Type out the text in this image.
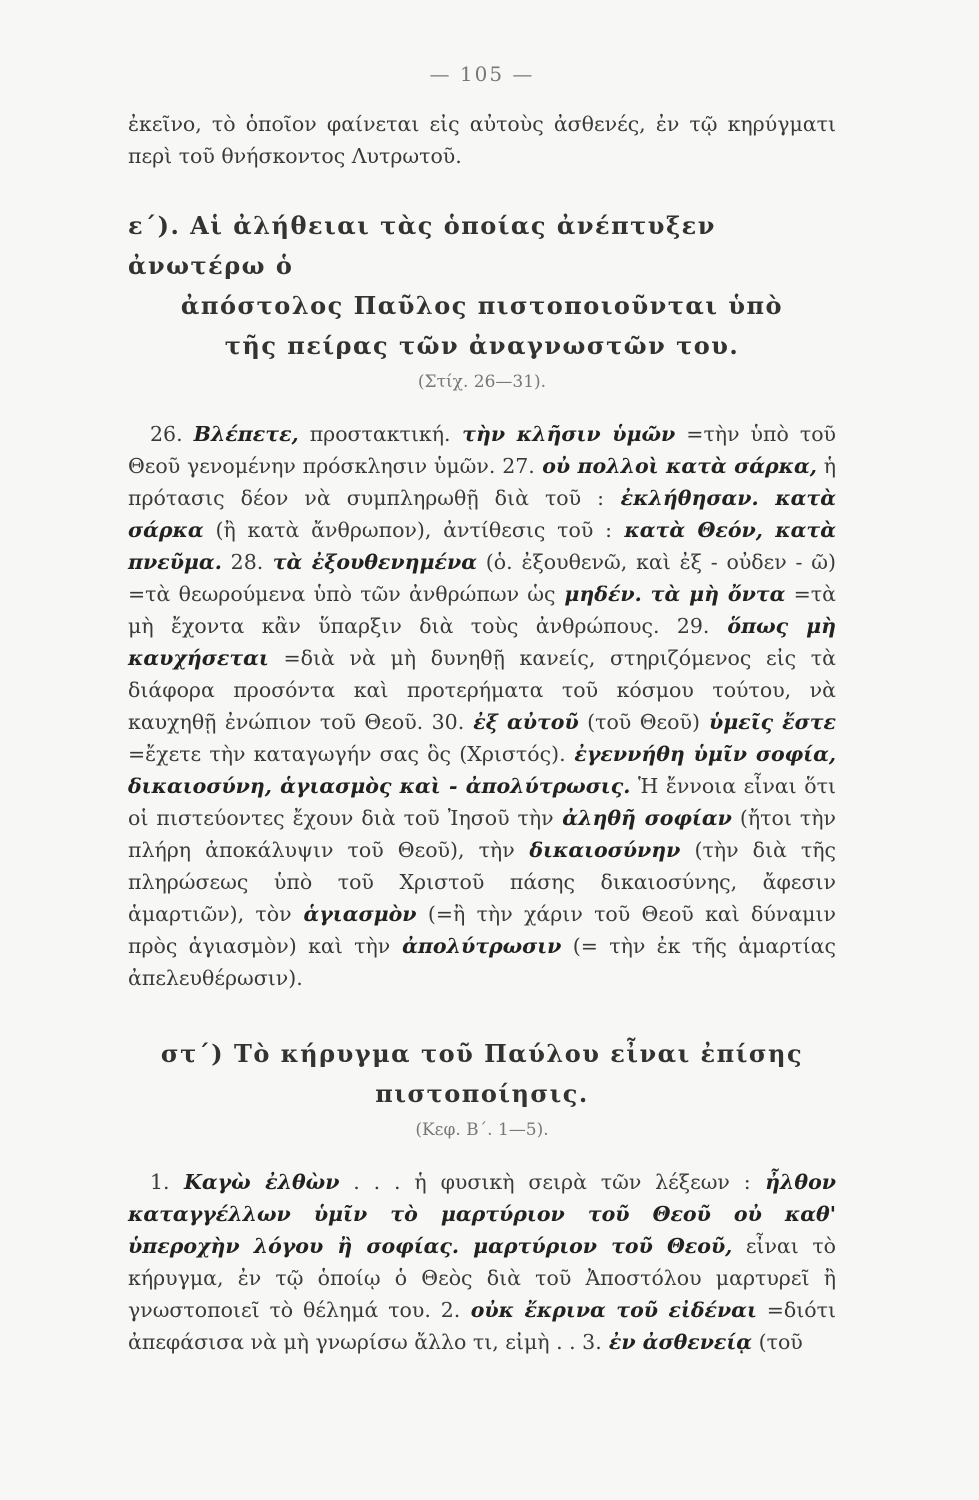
— 105 —

ἐκεῖνο, τὸ ὁποῖον φαίνεται εἰς αὐτοὺς ἀσθενές, ἐν τῷ κηρύγματι περὶ τοῦ θνήσκοντος Λυτρωτοῦ.

ε΄). Αἱ ἀλήθειαι τὰς ὁποίας ἀνέπτυξεν ἀνωτέρω ὁ
ἀπόστολος Παῦλος πιστοποιοῦνται ὑπὸ
τῆς πείρας τῶν ἀναγνωστῶν του.
(Στίχ. 26—31).

26. Βλέπετε, προστακτική. τὴν κλῆσιν ὑμῶν =τὴν ὑπὸ τοῦ Θεοῦ γενομένην πρόσκλησιν ὑμῶν. 27. οὐ πολλοὶ κατὰ σάρκα, ἡ πρότασις δέον νὰ συμπληρωθῇ διὰ τοῦ : ἐκλήθησαν. κατὰ σάρκα (ἢ κατὰ ἄνθρωπον), ἀντίθεσις τοῦ : κατὰ Θεόν, κατὰ πνεῦμα. 28. τὰ ἐξουθενημένα (ὁ. ἐξουθενῶ, καὶ ἐξ - οὐδεν - ῶ) =τὰ θεωρούμενα ὑπὸ τῶν ἀνθρώπων ὡς μηδέν. τὰ μὴ ὄντα =τὰ μὴ ἔχοντα κἂν ὕπαρξιν διὰ τοὺς ἀνθρώπους. 29. ὅπως μὴ καυχήσεται =διὰ νὰ μὴ δυνηθῇ κανείς, στηριζόμενος εἰς τὰ διάφορα προσόντα καὶ προτερήματα τοῦ κόσμου τούτου, νὰ καυχηθῇ ἐνώπιον τοῦ Θεοῦ. 30. ἐξ αὐτοῦ (τοῦ Θεοῦ) ὑμεῖς ἔστε =ἔχετε τὴν καταγωγήν σας ὃς (Χριστός). ἐγεννήθη ὑμῖν σοφία, δικαιοσύνη, ἁγιασμὸς καὶ - ἀπολύτρωσις. Ἡ ἔννοια εἶναι ὅτι οἱ πιστεύοντες ἔχουν διὰ τοῦ Ἰησοῦ τὴν ἀληθῆ σοφίαν (ἤτοι τὴν πλήρη ἀποκάλυψιν τοῦ Θεοῦ), τὴν δικαιοσύνην (τὴν διὰ τῆς πληρώσεως ὑπὸ τοῦ Χριστοῦ πάσης δικαιοσύνης, ἄφεσιν ἁμαρτιῶν), τὸν ἁγιασμὸν (=ἢ τὴν χάριν τοῦ Θεοῦ καὶ δύναμιν πρὸς ἁγιασμὸν) καὶ τὴν ἀπολύτρωσιν (= τὴν ἐκ τῆς ἁμαρτίας ἀπελευθέρωσιν).

στ΄) Τὸ κήρυγμα τοῦ Παύλου εἶναι ἐπίσης
πιστοποίησις.
(Κεφ. Β΄. 1—5).

1. Καγὼ ἐλθὼν . . . ἡ φυσικὴ σειρὰ τῶν λέξεων : ἦλθον καταγγέλλων ὑμῖν τὸ μαρτύριον τοῦ Θεοῦ οὐ καθ' ὑπεροχὴν λόγου ἢ σοφίας. μαρτύριον τοῦ Θεοῦ, εἶναι τὸ κήρυγμα, ἐν τῷ ὁποίῳ ὁ Θεὸς διὰ τοῦ Ἀποστόλου μαρτυρεῖ ἢ γνωστοποιεῖ τὸ θέλημά του. 2. οὐκ ἔκρινα τοῦ εἰδέναι =διότι ἀπεφάσισα νὰ μὴ γνωρίσω ἄλλο τι, εἰμὴ . . 3. ἐν ἀσθενείᾳ (τοῦ
